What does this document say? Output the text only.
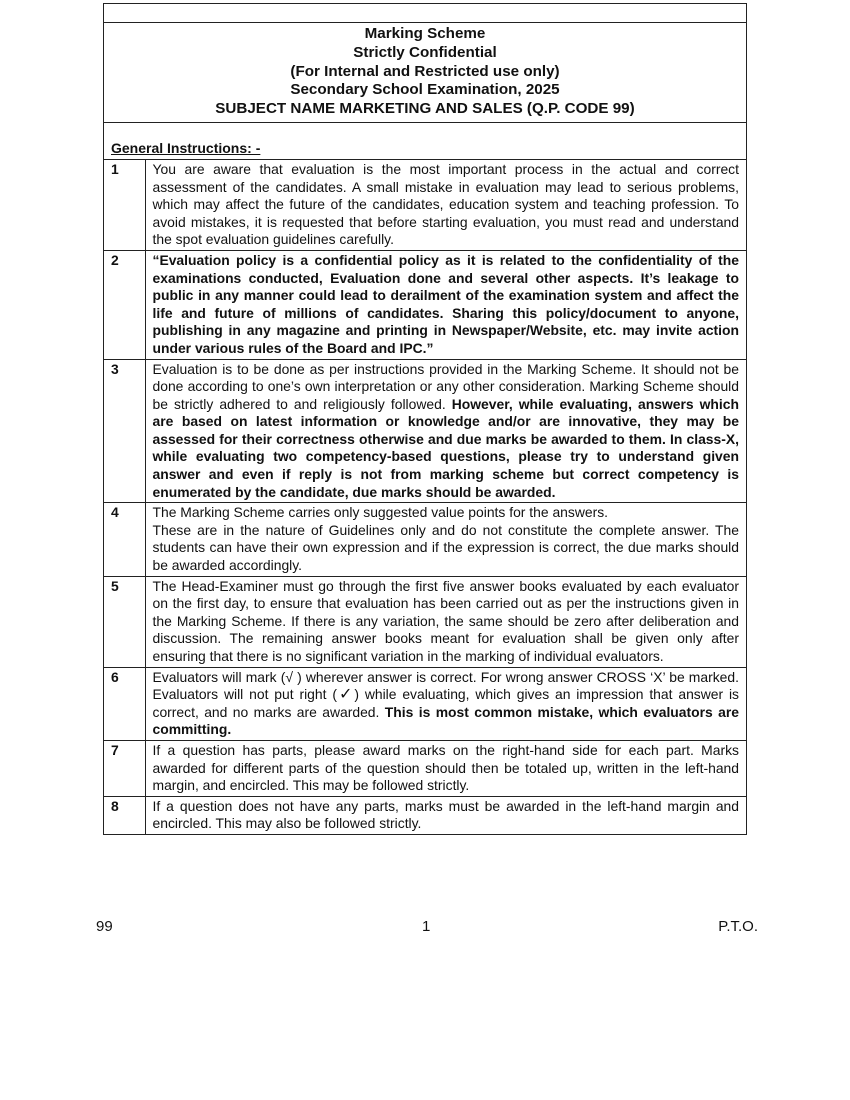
Marking Scheme
Strictly Confidential
(For Internal and Restricted use only)
Secondary School Examination, 2025
SUBJECT NAME MARKETING AND SALES (Q.P. CODE 99)
General Instructions: -
1	You are aware that evaluation is the most important process in the actual and correct assessment of the candidates. A small mistake in evaluation may lead to serious problems, which may affect the future of the candidates, education system and teaching profession. To avoid mistakes, it is requested that before starting evaluation, you must read and understand the spot evaluation guidelines carefully.
2	“Evaluation policy is a confidential policy as it is related to the confidentiality of the examinations conducted, Evaluation done and several other aspects. It’s leakage to public in any manner could lead to derailment of the examination system and affect the life and future of millions of candidates. Sharing this policy/document to anyone, publishing in any magazine and printing in Newspaper/Website, etc. may invite action under various rules of the Board and IPC.”
3	Evaluation is to be done as per instructions provided in the Marking Scheme. It should not be done according to one’s own interpretation or any other consideration. Marking Scheme should be strictly adhered to and religiously followed. However, while evaluating, answers which are based on latest information or knowledge and/or are innovative, they may be assessed for their correctness otherwise and due marks be awarded to them. In class-X, while evaluating two competency-based questions, please try to understand given answer and even if reply is not from marking scheme but correct competency is enumerated by the candidate, due marks should be awarded.
4	The Marking Scheme carries only suggested value points for the answers.
These are in the nature of Guidelines only and do not constitute the complete answer. The students can have their own expression and if the expression is correct, the due marks should be awarded accordingly.

5	The Head-Examiner must go through the first five answer books evaluated by each evaluator on the first day, to ensure that evaluation has been carried out as per the instructions given in the Marking Scheme. If there is any variation, the same should be zero after deliberation and discussion. The remaining answer books meant for evaluation shall be given only after ensuring that there is no significant variation in the marking of individual evaluators.
6	Evaluators will mark (√ ) wherever answer is correct. For wrong answer CROSS ‘X’ be marked. Evaluators will not put right (✓) while evaluating, which gives an impression that answer is correct, and no marks are awarded. This is most common mistake, which evaluators are committing.
7	If a question has parts, please award marks on the right-hand side for each part. Marks awarded for different parts of the question should then be totaled up, written in the left-hand margin, and encircled. This may be followed strictly.
8	If a question does not have any parts, marks must be awarded in the left-hand margin and encircled. This may also be followed strictly.
99	1	P.T.O.
